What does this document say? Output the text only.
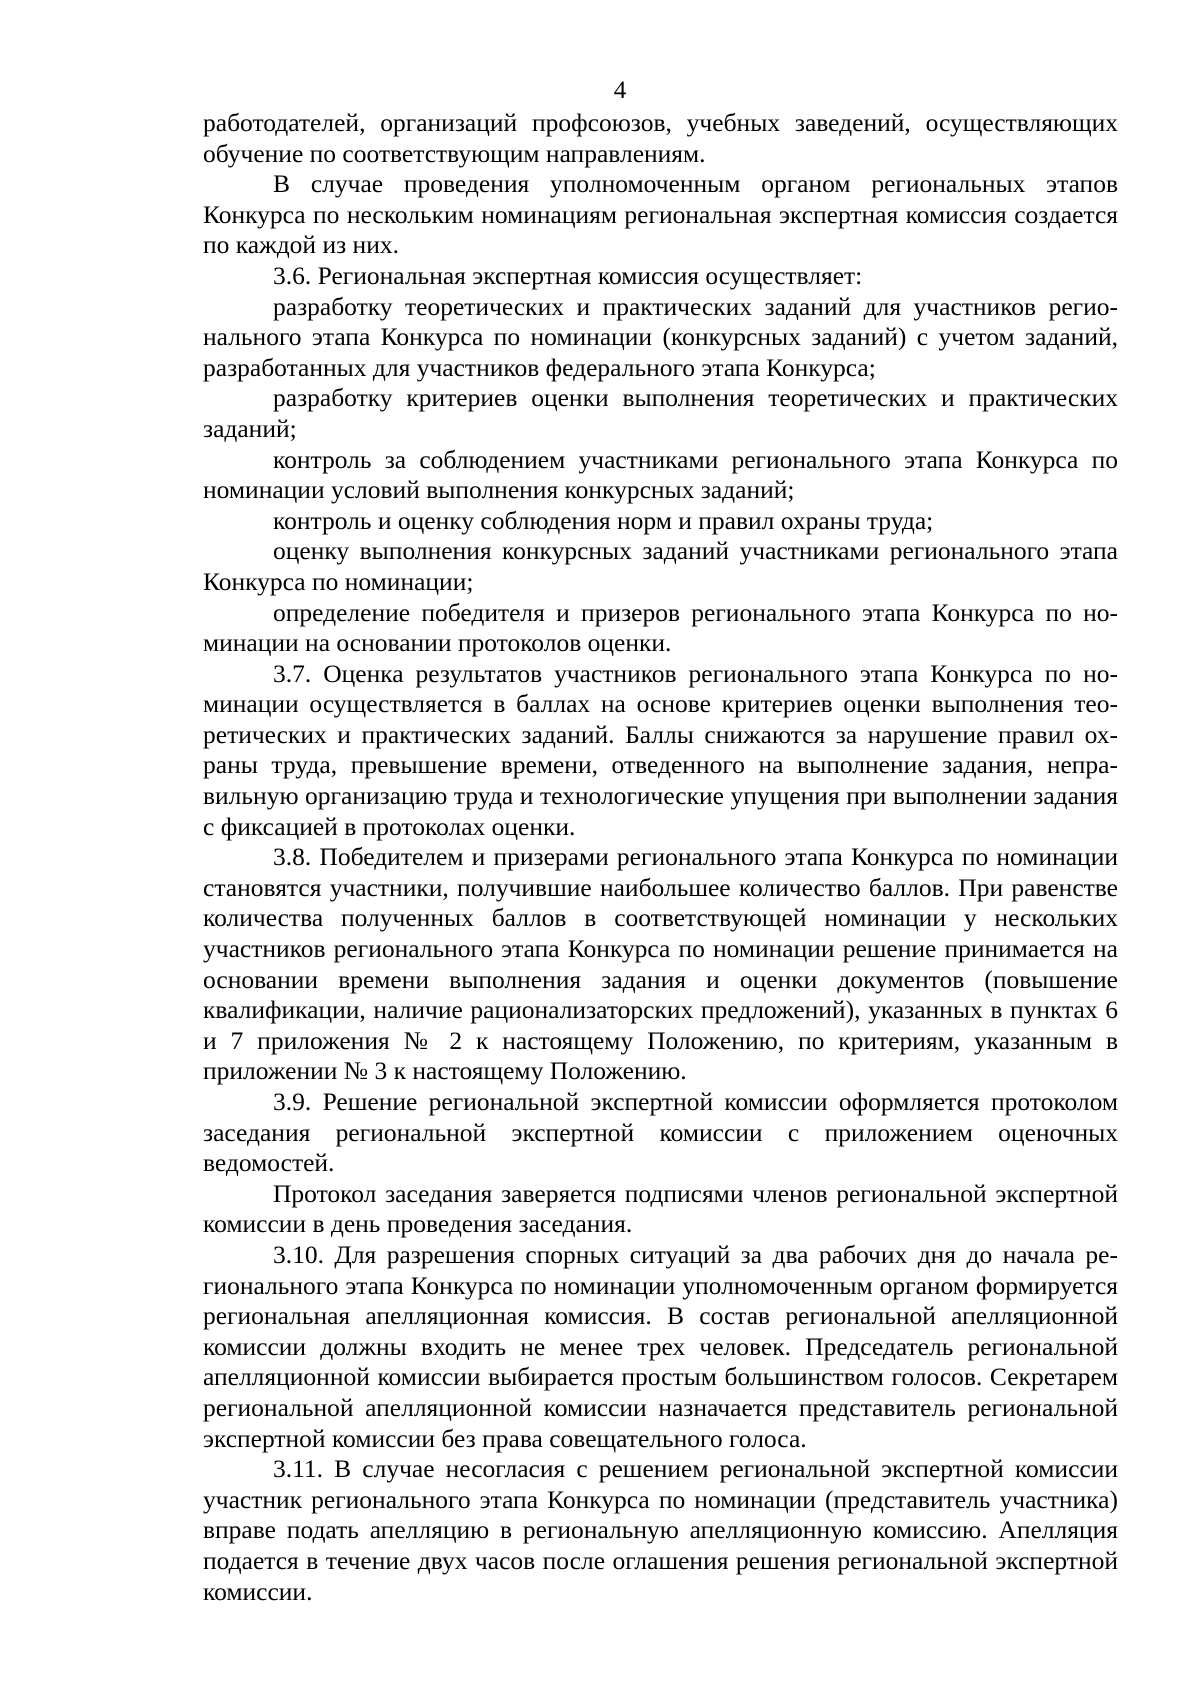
4

работодателей, организаций профсоюзов, учебных заведений, осуществляющих обучение по соответствующим направлениям.

В случае проведения уполномоченным органом региональных этапов Конкурса по нескольким номинациям региональная экспертная комиссия создается по каждой из них.

3.6. Региональная экспертная комиссия осуществляет:

разработку теоретических и практических заданий для участников регионального этапа Конкурса по номинации (конкурсных заданий) с учетом заданий, разработанных для участников федерального этапа Конкурса;

разработку критериев оценки выполнения теоретических и практических заданий;

контроль за соблюдением участниками регионального этапа Конкурса по номинации условий выполнения конкурсных заданий;

контроль и оценку соблюдения норм и правил охраны труда;

оценку выполнения конкурсных заданий участниками регионального этапа Конкурса по номинации;

определение победителя и призеров регионального этапа Конкурса по номинации на основании протоколов оценки.

3.7. Оценка результатов участников регионального этапа Конкурса по номинации осуществляется в баллах на основе критериев оценки выполнения теоретических и практических заданий. Баллы снижаются за нарушение правил охраны труда, превышение времени, отведенного на выполнение задания, неправильную организацию труда и технологические упущения при выполнении задания с фиксацией в протоколах оценки.

3.8. Победителем и призерами регионального этапа Конкурса по номинации становятся участники, получившие наибольшее количество баллов. При равенстве количества полученных баллов в соответствующей номинации у нескольких участников регионального этапа Конкурса по номинации решение принимается на основании времени выполнения задания и оценки документов (повышение квалификации, наличие рационализаторских предложений), указанных в пунктах 6 и 7 приложения № 2 к настоящему Положению, по критериям, указанным в приложении № 3 к настоящему Положению.

3.9. Решение региональной экспертной комиссии оформляется протоколом заседания региональной экспертной комиссии с приложением оценочных ведомостей.

Протокол заседания заверяется подписями членов региональной экспертной комиссии в день проведения заседания.

3.10. Для разрешения спорных ситуаций за два рабочих дня до начала регионального этапа Конкурса по номинации уполномоченным органом формируется региональная апелляционная комиссия. В состав региональной апелляционной комиссии должны входить не менее трех человек. Председатель региональной апелляционной комиссии выбирается простым большинством голосов. Секретарем региональной апелляционной комиссии назначается представитель региональной экспертной комиссии без права совещательного голоса.

3.11. В случае несогласия с решением региональной экспертной комиссии участник регионального этапа Конкурса по номинации (представитель участника) вправе подать апелляцию в региональную апелляционную комиссию. Апелляция подается в течение двух часов после оглашения решения региональной экспертной комиссии.
